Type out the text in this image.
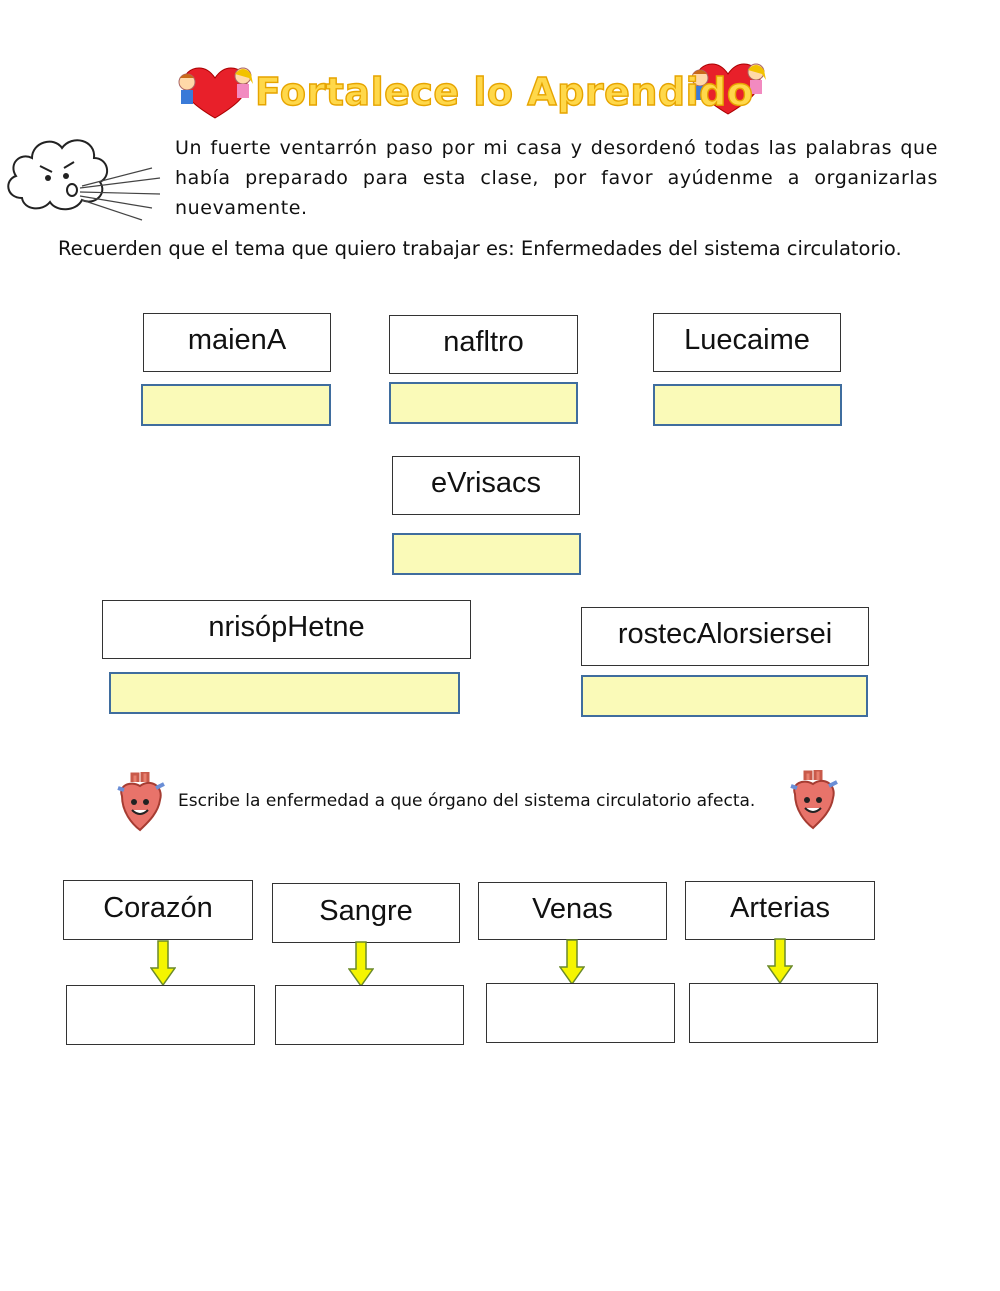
Fortalece lo Aprendido
Un fuerte ventarrón paso por mi casa y desordenó todas las palabras que había preparado para esta clase, por favor ayúdenme a organizarlas nuevamente.
Recuerden que el tema que quiero trabajar es: Enfermedades del sistema circulatorio.
maienA	nafltro	Luecaime
eVrisacs
nrisópHetne	rostecAlorsiersei
Escribe la enfermedad a que órgano del sistema circulatorio afecta.
Corazón	Sangre	Venas	Arterias
